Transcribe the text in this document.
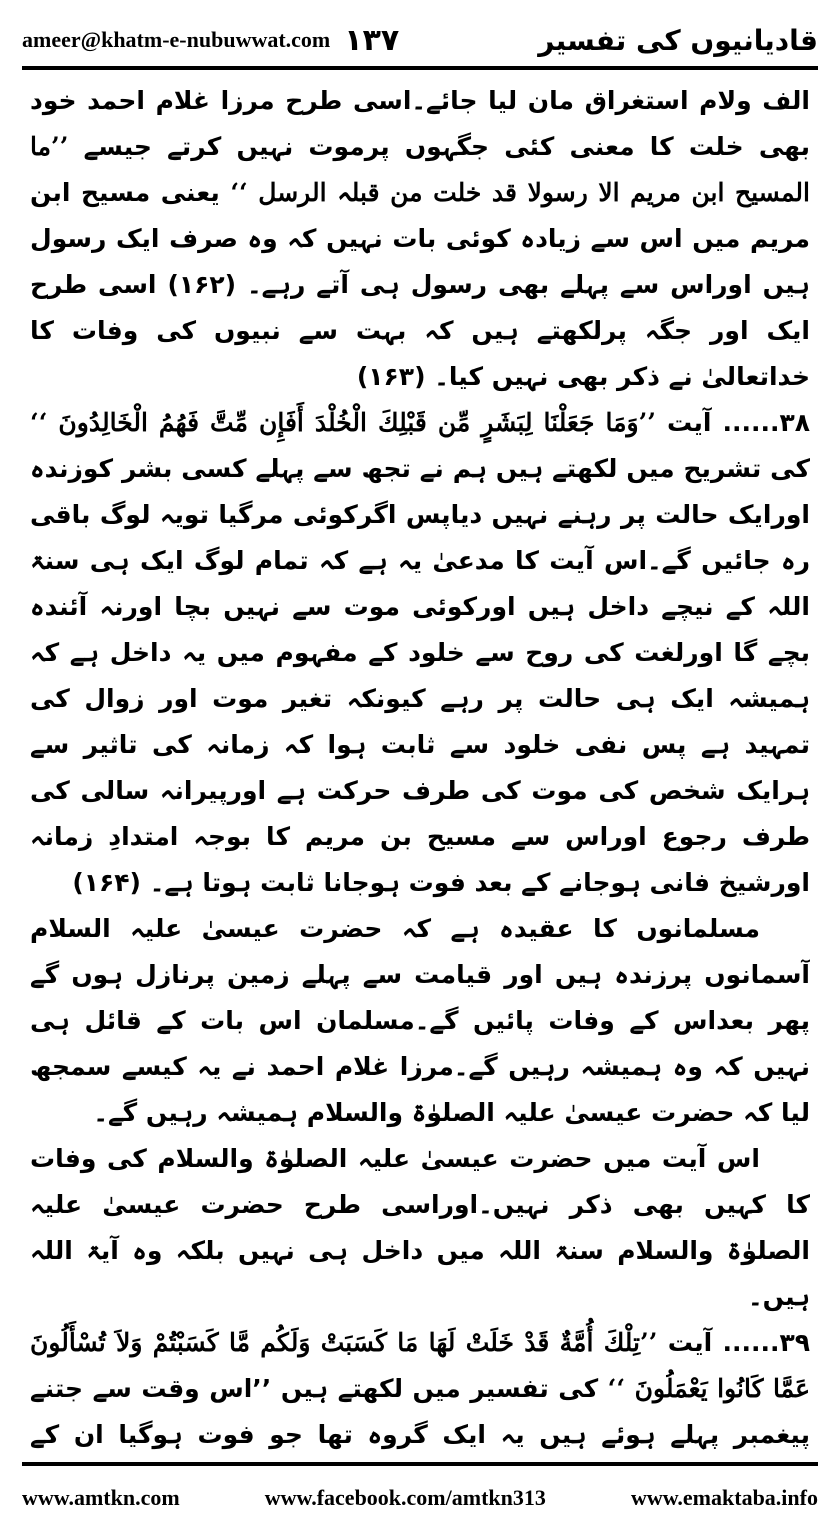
ameer@khatm-e-nubuwwat.com ۱۳۷	قادیانیوں کی تفسیر

الف ولام استغراق مان لیا جائے۔اسی طرح مرزا غلام احمد خود بھی خلت کا معنی کئی جگہوں پرموت نہیں کرتے جیسے ’’ما المسیح ابن مریم الا رسولا قد خلت من قبلہ الرسل ‘‘ یعنی مسیح ابن مریم میں اس سے زیادہ کوئی بات نہیں کہ وہ صرف ایک رسول ہیں اوراس سے پہلے بھی رسول ہی آتے رہے۔ (۱۶۲) اسی طرح ایک اور جگہ پرلکھتے ہیں کہ بہت سے نبیوں کی وفات کا خداتعالیٰ نے ذکر بھی نہیں کیا۔ (۱۶۳)

۳۸...... آیت ’’وَمَا جَعَلْنَا لِبَشَرٍ مِّن قَبْلِكَ الْخُلْدَ أَفَإِن مِّتَّ فَهُمُ الْخَالِدُونَ ‘‘ کی تشریح میں لکھتے ہیں ہم نے تجھ سے پہلے کسی بشر کوزندہ اورایک حالت پر رہنے نہیں دیاپس اگرکوئی مرگیا تویہ لوگ باقی رہ جائیں گے۔اس آیت کا مدعیٰ یہ ہے کہ تمام لوگ ایک ہی سنۃ اللہ کے نیچے داخل ہیں اورکوئی موت سے نہیں بچا اورنہ آئندہ بچے گا اورلغت کی روح سے خلود کے مفہوم میں یہ داخل ہے کہ ہمیشہ ایک ہی حالت پر رہے کیونکہ تغیر موت اور زوال کی تمہید ہے پس نفی خلود سے ثابت ہوا کہ زمانہ کی تاثیر سے ہرایک شخص کی موت کی طرف حرکت ہے اورپیرانہ سالی کی طرف رجوع اوراس سے مسیح بن مریم کا بوجہ امتدادِ زمانہ اورشیخ فانی ہوجانے کے بعد فوت ہوجانا ثابت ہوتا ہے۔ (۱۶۴)

مسلمانوں کا عقیدہ ہے کہ حضرت عیسیٰ علیہ السلام آسمانوں پرزندہ ہیں اور قیامت سے پہلے زمین پرنازل ہوں گے پھر بعداس کے وفات پائیں گے۔مسلمان اس بات کے قائل ہی نہیں کہ وہ ہمیشہ رہیں گے۔مرزا غلام احمد نے یہ کیسے سمجھ لیا کہ حضرت عیسیٰ علیہ الصلوٰۃ والسلام ہمیشہ رہیں گے۔

اس آیت میں حضرت عیسیٰ علیہ الصلوٰۃ والسلام کی وفات کا کہیں بھی ذکر نہیں۔اوراسی طرح حضرت عیسیٰ علیہ الصلوٰۃ والسلام سنۃ اللہ میں داخل ہی نہیں بلکہ وہ آیۃ اللہ ہیں۔

۳۹...... آیت ’’تِلْكَ أُمَّةٌ قَدْ خَلَتْ لَهَا مَا كَسَبَتْ وَلَكُم مَّا كَسَبْتُمْ وَلاَ تُسْأَلُونَ عَمَّا كَانُوا يَعْمَلُونَ ‘‘ کی تفسیر میں لکھتے ہیں ’’اس وقت سے جتنے پیغمبر پہلے ہوئے ہیں یہ ایک گروہ تھا جو فوت ہوگیا ان کے

www.amtkn.com	www.facebook.com/amtkn313	www.emaktaba.info
